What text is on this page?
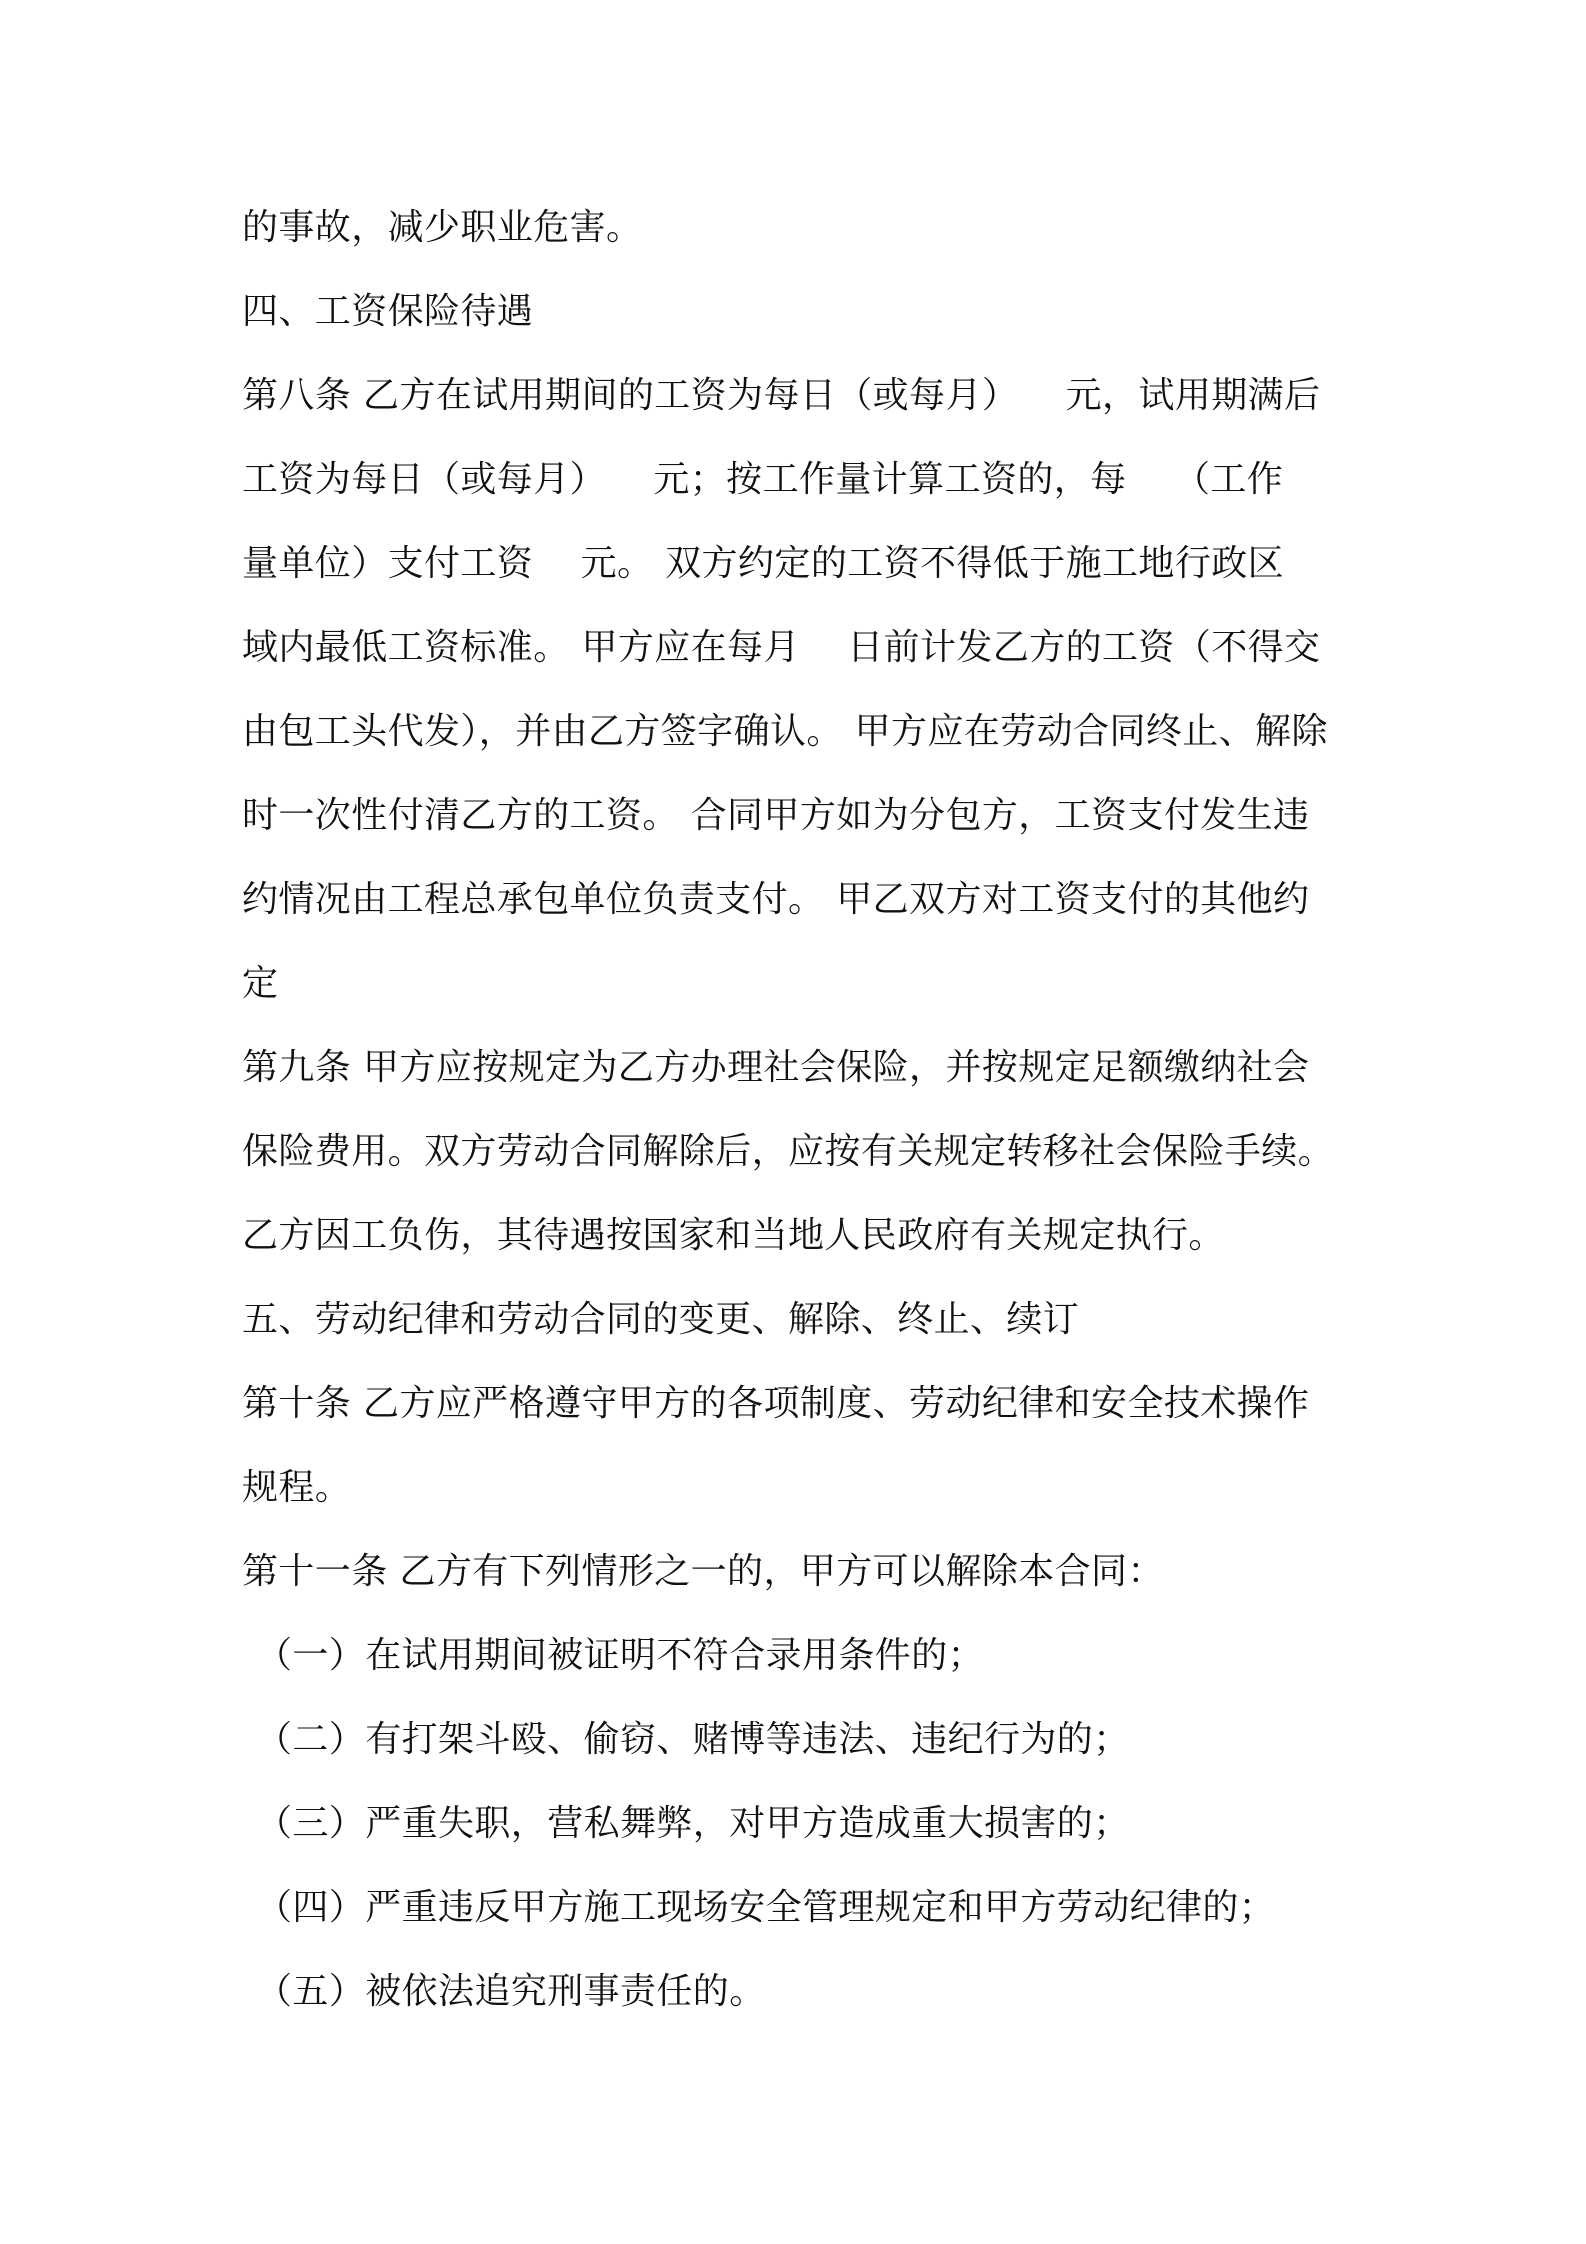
的事故，减少职业危害。
四、工资保险待遇
第八条 乙方在试用期间的工资为每日（或每月）    元，试用期满后
工资为每日（或每月）    元；按工作量计算工资的，每    （工作
量单位）支付工资    元。 双方约定的工资不得低于施工地行政区
域内最低工资标准。 甲方应在每月    日前计发乙方的工资（不得交
由包工头代发），并由乙方签字确认。 甲方应在劳动合同终止、解除
时一次性付清乙方的工资。 合同甲方如为分包方，工资支付发生违
约情况由工程总承包单位负责支付。 甲乙双方对工资支付的其他约
定
第九条 甲方应按规定为乙方办理社会保险，并按规定足额缴纳社会
保险费用。双方劳动合同解除后，应按有关规定转移社会保险手续。
乙方因工负伤，其待遇按国家和当地人民政府有关规定执行。
五、劳动纪律和劳动合同的变更、解除、终止、续订
第十条 乙方应严格遵守甲方的各项制度、劳动纪律和安全技术操作
规程。
第十一条 乙方有下列情形之一的，甲方可以解除本合同：
（一）在试用期间被证明不符合录用条件的；
（二）有打架斗殴、偷窃、赌博等违法、违纪行为的；
（三）严重失职，营私舞弊，对甲方造成重大损害的；
（四）严重违反甲方施工现场安全管理规定和甲方劳动纪律的；
（五）被依法追究刑事责任的。
